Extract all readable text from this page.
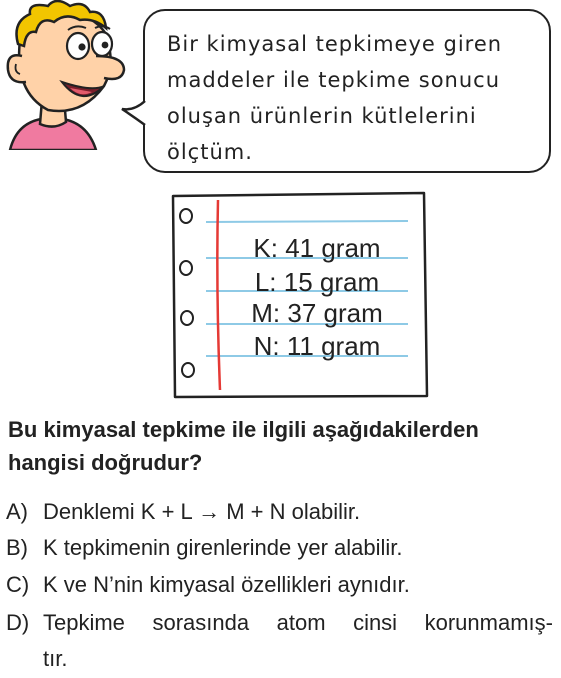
Bir kimyasal tepkimeye giren
maddeler ile tepkime sonucu
oluşan ürünlerin kütlelerini
ölçtüm.
K: 41 gram
L: 15 gram
M: 37 gram
N: 11 gram
Bu kimyasal tepkime ile ilgili aşağıdakilerden
hangisi doğrudur?
A) Denklemi K + L → M + N olabilir.
B) K tepkimenin girenlerinde yer alabilir.
C) K ve N’nin kimyasal özellikleri aynıdır.
D) Tepkime sorasında atom cinsi korunmamış-
tır.
